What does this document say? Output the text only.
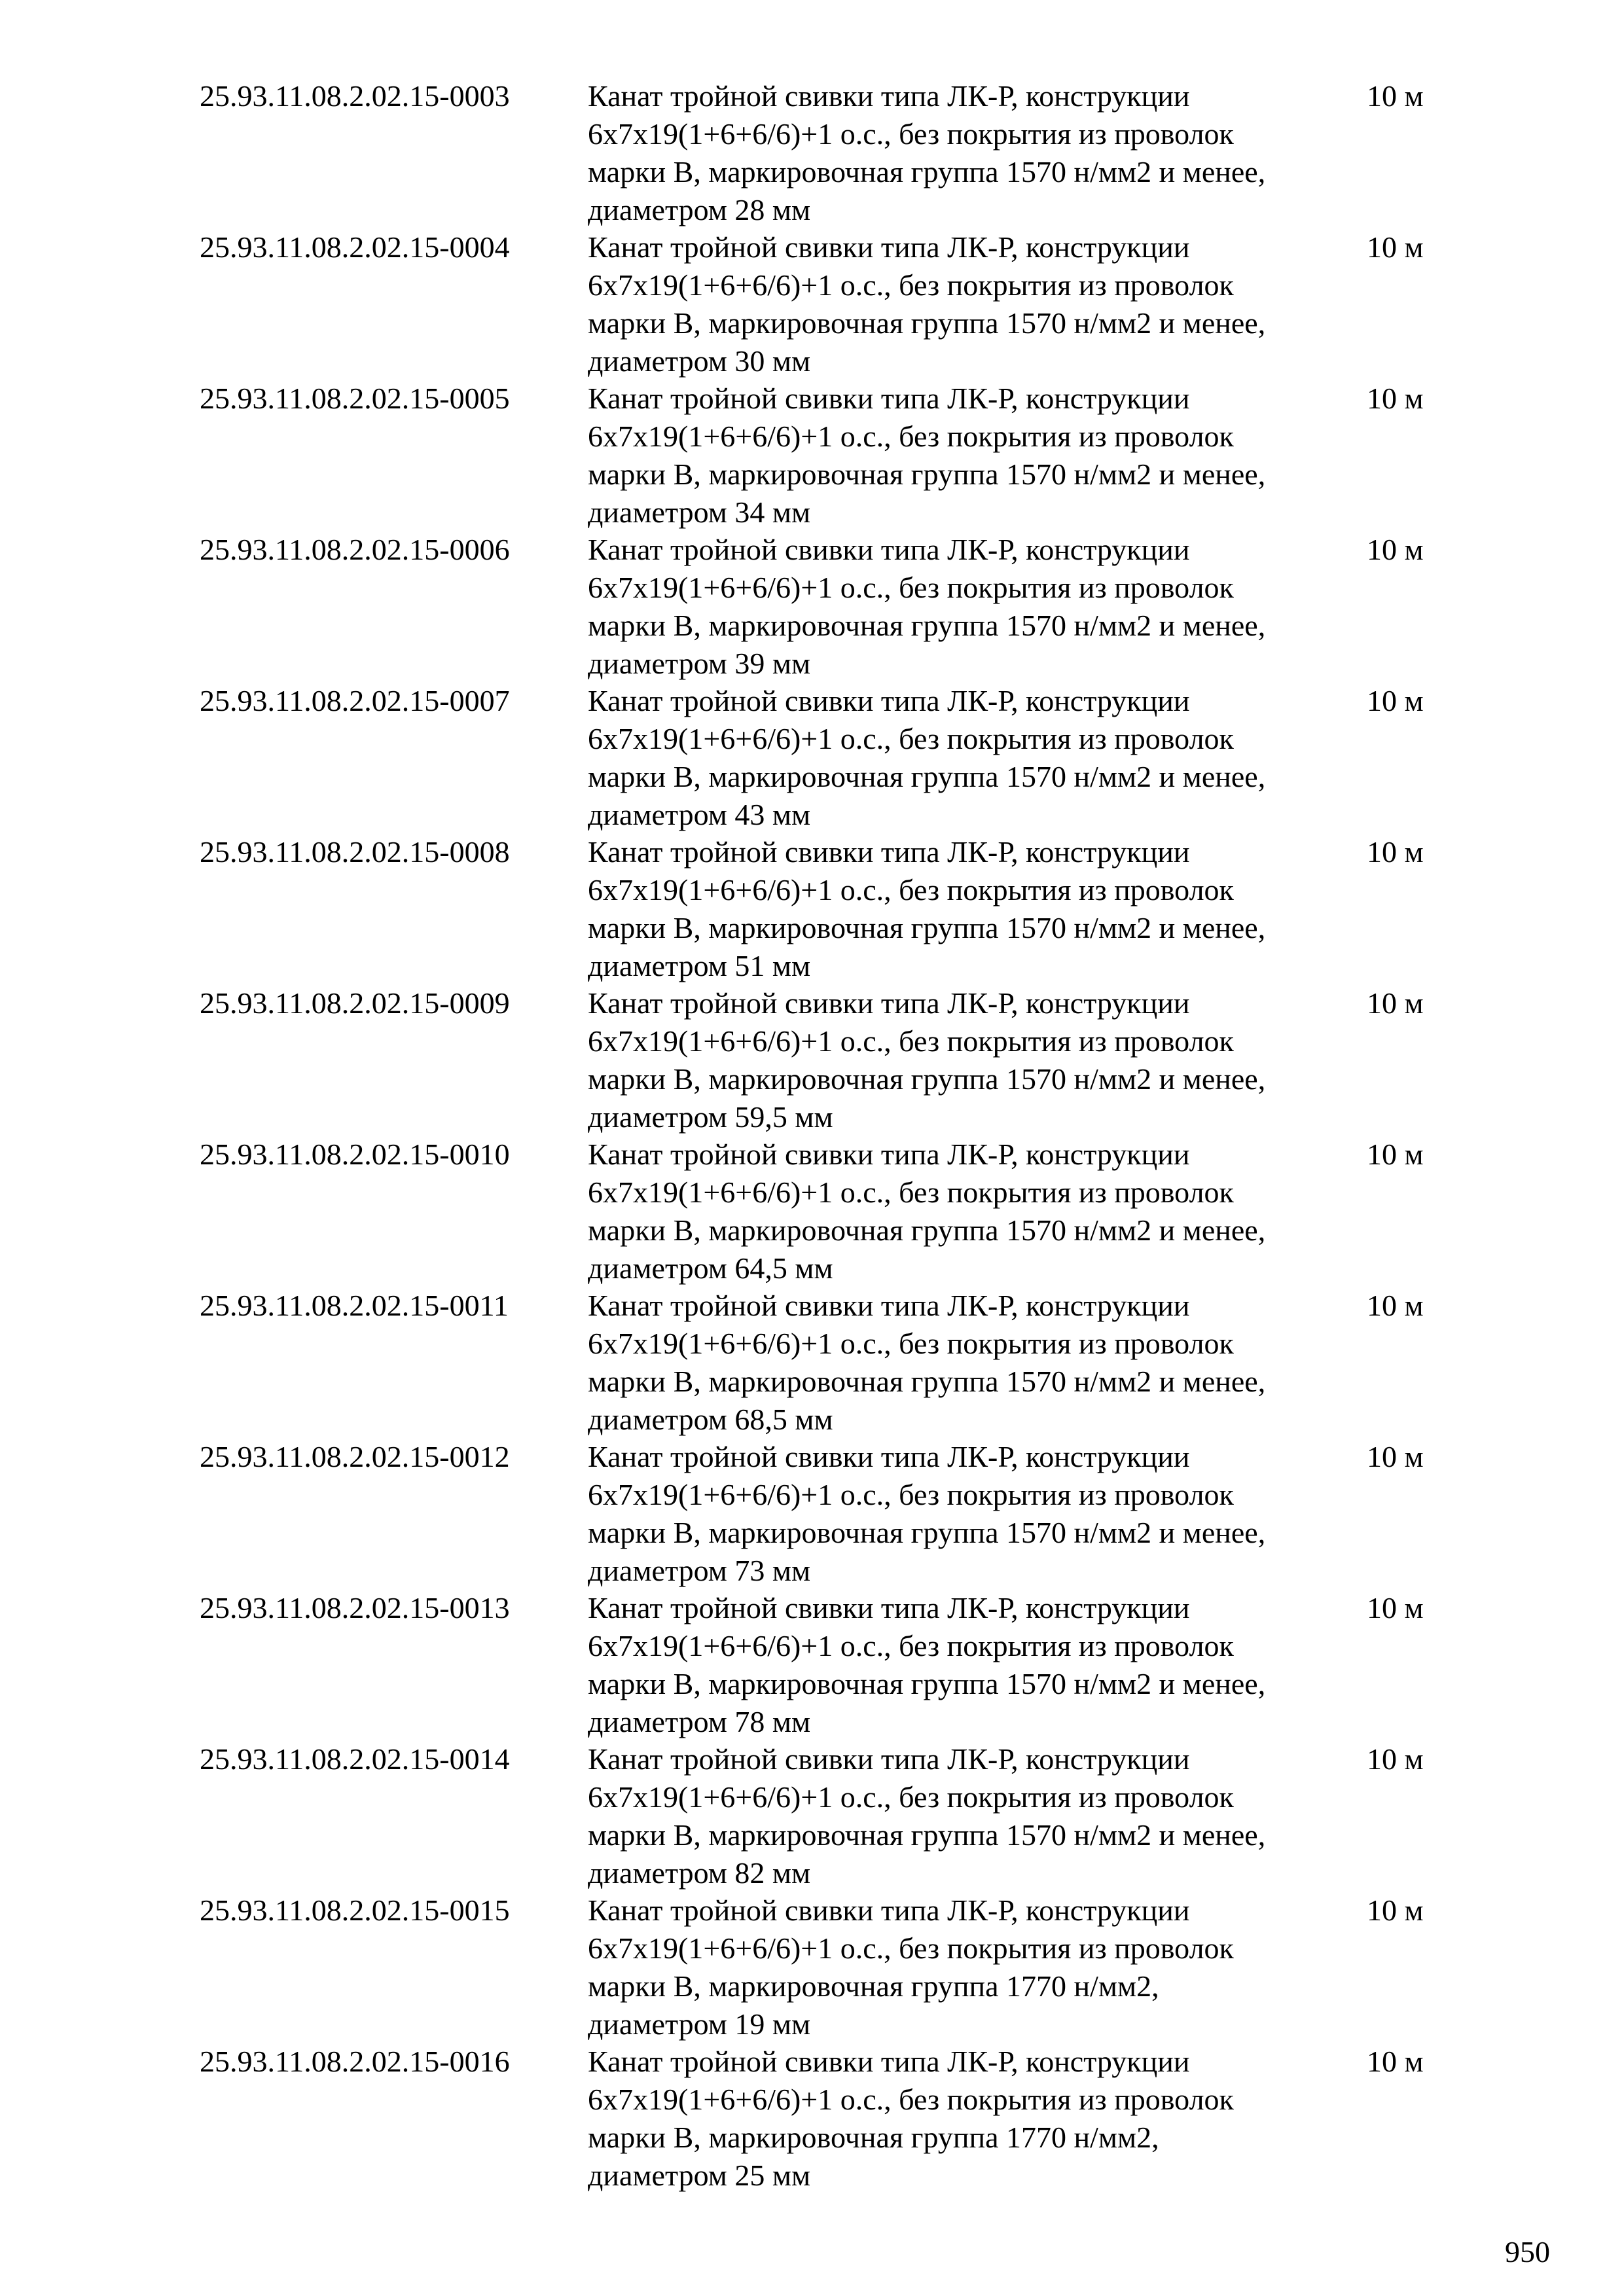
25.93.11.08.2.02.15-0003	Канат тройной свивки типа ЛК-Р, конструкции
6х7х19(1+6+6/6)+1 о.с., без покрытия из проволок
марки В, маркировочная группа 1570 н/мм2 и менее,
диаметром 28 мм
10 м
25.93.11.08.2.02.15-0004	Канат тройной свивки типа ЛК-Р, конструкции
6х7х19(1+6+6/6)+1 о.с., без покрытия из проволок
марки В, маркировочная группа 1570 н/мм2 и менее,
диаметром 30 мм
10 м
25.93.11.08.2.02.15-0005	Канат тройной свивки типа ЛК-Р, конструкции
6х7х19(1+6+6/6)+1 о.с., без покрытия из проволок
марки В, маркировочная группа 1570 н/мм2 и менее,
диаметром 34 мм
10 м
25.93.11.08.2.02.15-0006	Канат тройной свивки типа ЛК-Р, конструкции
6х7х19(1+6+6/6)+1 о.с., без покрытия из проволок
марки В, маркировочная группа 1570 н/мм2 и менее,
диаметром 39 мм
10 м
25.93.11.08.2.02.15-0007	Канат тройной свивки типа ЛК-Р, конструкции
6х7х19(1+6+6/6)+1 о.с., без покрытия из проволок
марки В, маркировочная группа 1570 н/мм2 и менее,
диаметром 43 мм
10 м
25.93.11.08.2.02.15-0008	Канат тройной свивки типа ЛК-Р, конструкции
6х7х19(1+6+6/6)+1 о.с., без покрытия из проволок
марки В, маркировочная группа 1570 н/мм2 и менее,
диаметром 51 мм
10 м
25.93.11.08.2.02.15-0009	Канат тройной свивки типа ЛК-Р, конструкции
6х7х19(1+6+6/6)+1 о.с., без покрытия из проволок
марки В, маркировочная группа 1570 н/мм2 и менее,
диаметром 59,5 мм
10 м
25.93.11.08.2.02.15-0010	Канат тройной свивки типа ЛК-Р, конструкции
6х7х19(1+6+6/6)+1 о.с., без покрытия из проволок
марки В, маркировочная группа 1570 н/мм2 и менее,
диаметром 64,5 мм
10 м
25.93.11.08.2.02.15-0011	Канат тройной свивки типа ЛК-Р, конструкции
6х7х19(1+6+6/6)+1 о.с., без покрытия из проволок
марки В, маркировочная группа 1570 н/мм2 и менее,
диаметром 68,5 мм
10 м
25.93.11.08.2.02.15-0012	Канат тройной свивки типа ЛК-Р, конструкции
6х7х19(1+6+6/6)+1 о.с., без покрытия из проволок
марки В, маркировочная группа 1570 н/мм2 и менее,
диаметром 73 мм
10 м
25.93.11.08.2.02.15-0013	Канат тройной свивки типа ЛК-Р, конструкции
6х7х19(1+6+6/6)+1 о.с., без покрытия из проволок
марки В, маркировочная группа 1570 н/мм2 и менее,
диаметром 78 мм
10 м
25.93.11.08.2.02.15-0014	Канат тройной свивки типа ЛК-Р, конструкции
6х7х19(1+6+6/6)+1 о.с., без покрытия из проволок
марки В, маркировочная группа 1570 н/мм2 и менее,
диаметром 82 мм
10 м
25.93.11.08.2.02.15-0015	Канат тройной свивки типа ЛК-Р, конструкции
6х7х19(1+6+6/6)+1 о.с., без покрытия из проволок
марки В, маркировочная группа 1770 н/мм2,
диаметром 19 мм
10 м
25.93.11.08.2.02.15-0016	Канат тройной свивки типа ЛК-Р, конструкции
6х7х19(1+6+6/6)+1 о.с., без покрытия из проволок
марки В, маркировочная группа 1770 н/мм2,
диаметром 25 мм
10 м
950
